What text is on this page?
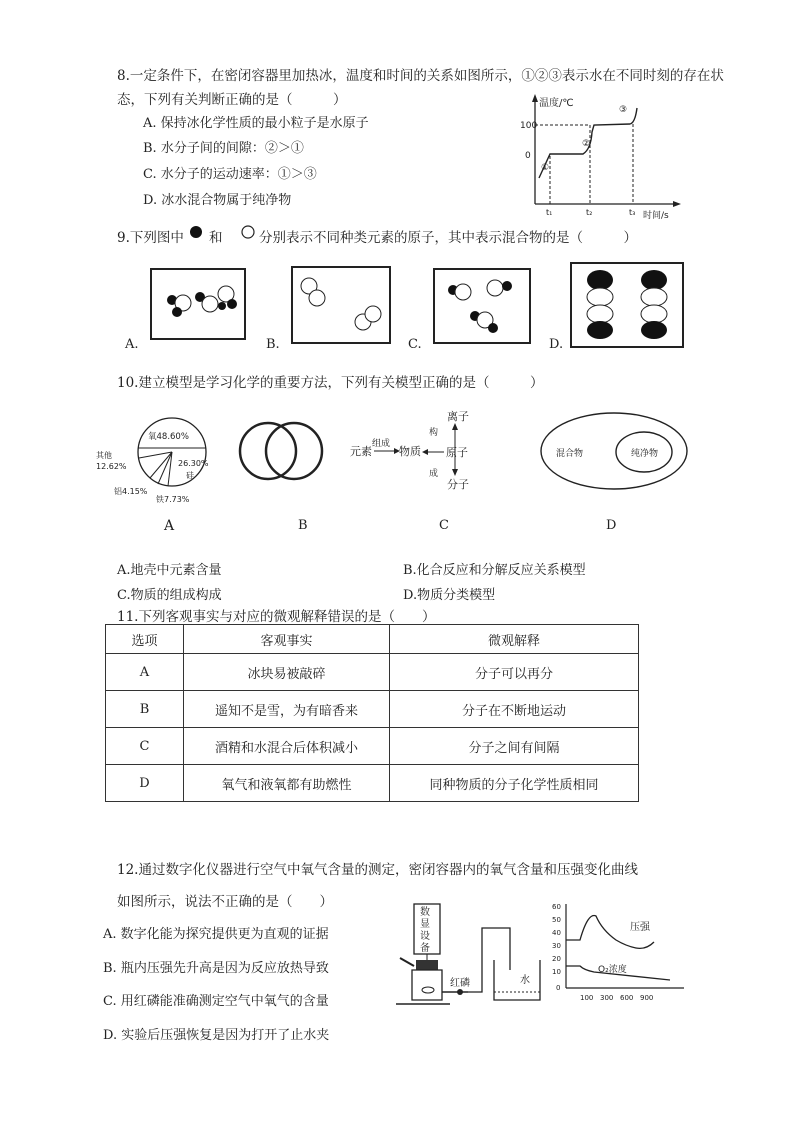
8.一定条件下，在密闭容器里加热冰，温度和时间的关系如图所示，①②③表示水在不同时刻的存在状
态，下列有关判断正确的是（　　　）
A. 保持冰化学性质的最小粒子是水原子
B. 水分子间的间隙：②＞①
C. 水分子的运动速率：①＞③
D. 冰水混合物属于纯净物
温度/℃
时间/s
100
0
①
②
③
t₁	t₂	t₃
9.下列图中 和	分别表示不同种类元素的原子，其中表示混合物的是（　　　）
A.	B.	C.	D.
10.建立模型是学习化学的重要方法，下列有关模型正确的是（　　　）
氧48.60%
26.30%
硅
其他
12.62%
铝4.15%
铁7.73%
元素
组成
物质
构
成
离子
分子
原子	混合物	纯净物
A	B	C	D
A.地壳中元素含量	B.化合反应和分解反应关系模型
C.物质的组成构成	D.物质分类模型
11.下列客观事实与对应的微观解释错误的是（　　）
选项	客观事实	微观解释
A	冰块易被敲碎	分子可以再分
B	遥知不是雪，为有暗香来	分子在不断地运动
C	酒精和水混合后体积减小	分子之间有间隔
D	氧气和液氧都有助燃性	同种物质的分子化学性质相同
12.通过数字化仪器进行空气中氧气含量的测定，密闭容器内的氧气含量和压强变化曲线
如图所示，说法不正确的是（　　）
A. 数字化能为探究提供更为直观的证据
B. 瓶内压强先升高是因为反应放热导致
C. 用红磷能准确测定空气中氧气的含量
D. 实验后压强恢复是因为打开了止水夹
数
显
设
备
红磷	水
60
50
40
30
20
10
0
压强
O₂浓度
100 300 600 900
